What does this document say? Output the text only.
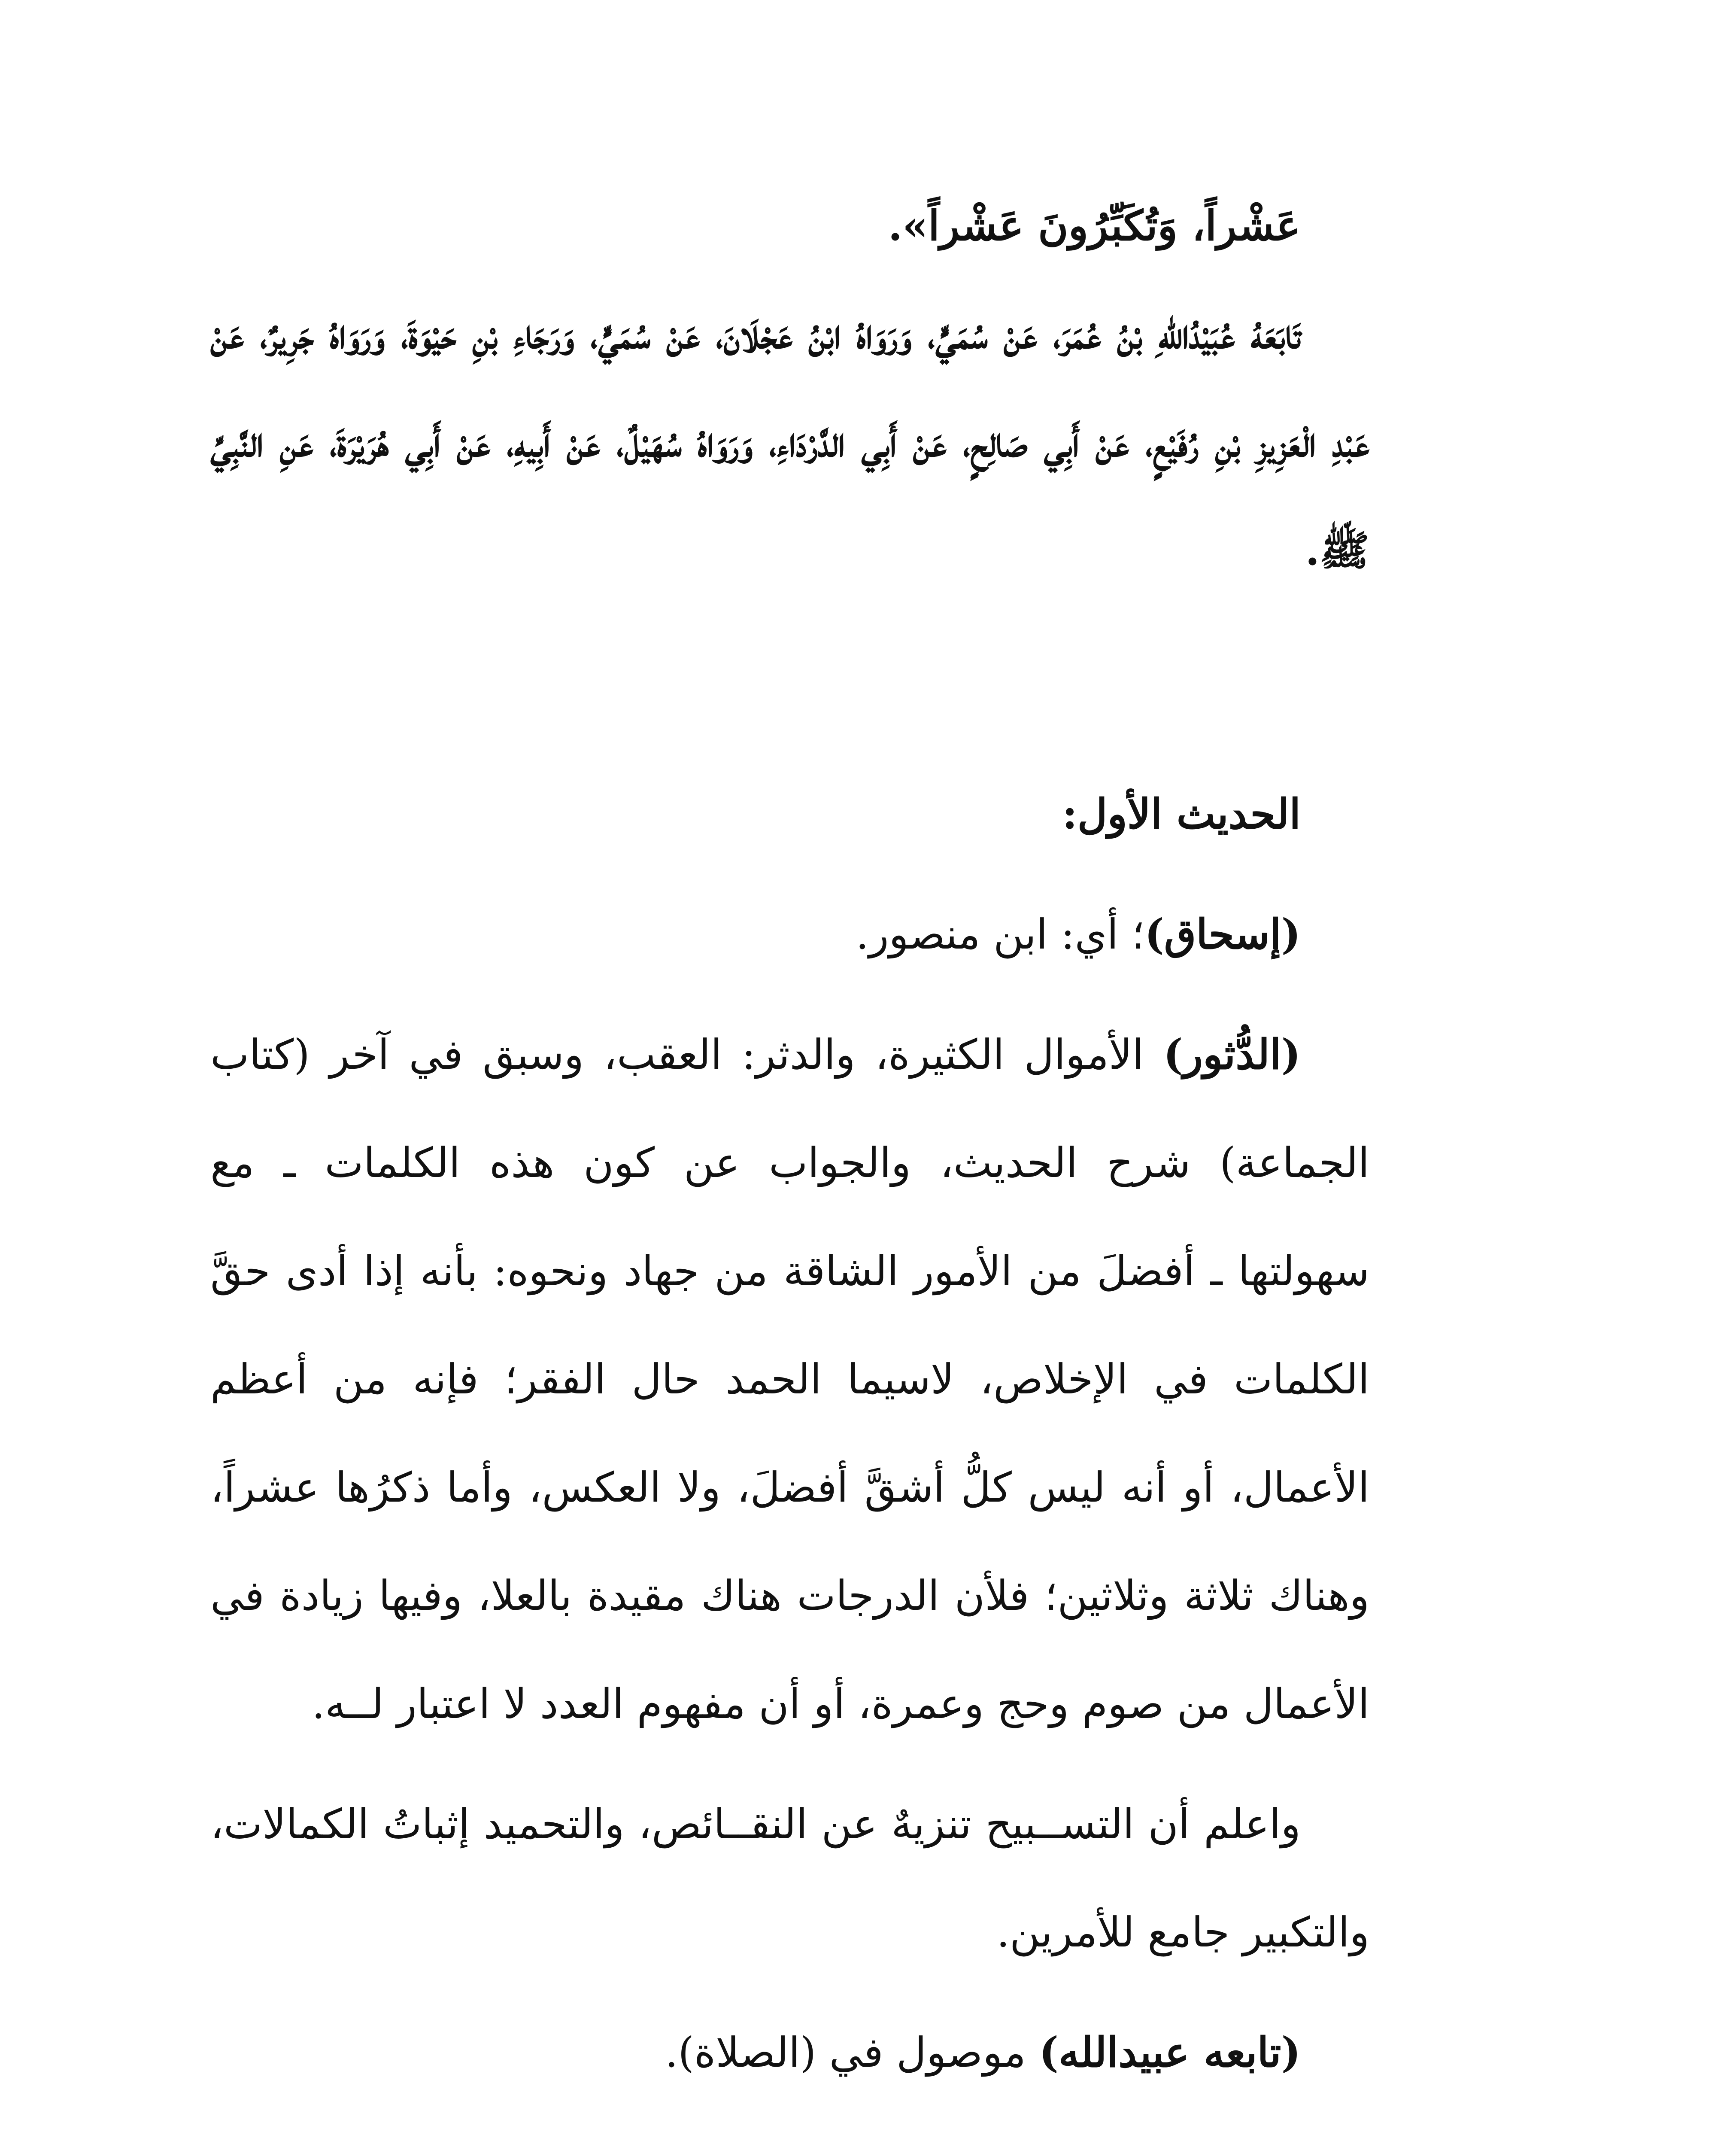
عَشْراً، وَتُكَبِّرُونَ عَشْراً».

تَابَعَهُ عُبَيْدُاللهِ بْنُ عُمَرَ، عَنْ سُمَيٍّ، وَرَوَاهُ ابْنُ عَجْلَانَ، عَنْ سُمَيٍّ، وَرَجَاءِ بْنِ حَيْوَةَ، وَرَوَاهُ جَرِيرٌ، عَنْ عَبْدِ الْعَزِيزِ بْنِ رُفَيْعٍ، عَنْ أَبِي صَالِحٍ، عَنْ أَبِي الدَّرْدَاءِ، وَرَوَاهُ سُهَيْلٌ، عَنْ أَبِيهِ، عَنْ أَبِي هُرَيْرَةَ، عَنِ النَّبِيِّ ﷺ.

الحديث الأول:

(إسحاق)؛ أي: ابن منصور.

(الدُّثور) الأموال الكثيرة، والدثر: العقب، وسبق في آخر (كتاب الجماعة) شرح الحديث، والجواب عن كون هذه الكلمات ـ مع سهولتها ـ أفضلَ من الأمور الشاقة من جهاد ونحوه: بأنه إذا أدى حقَّ الكلمات في الإخلاص، لاسيما الحمد حال الفقر؛ فإنه من أعظم الأعمال، أو أنه ليس كلُّ أشقَّ أفضلَ، ولا العكس، وأما ذكرُها عشراً، وهناك ثلاثة وثلاثين؛ فلأن الدرجات هناك مقيدة بالعلا، وفيها زيادة في الأعمال من صوم وحج وعمرة، أو أن مفهوم العدد لا اعتبار لــه.

واعلم أن التســبيح تنزيهٌ عن النقــائص، والتحميد إثباتُ الكمالات، والتكبير جامع للأمرين.

(تابعه عبيدالله) موصول في (الصلاة).
